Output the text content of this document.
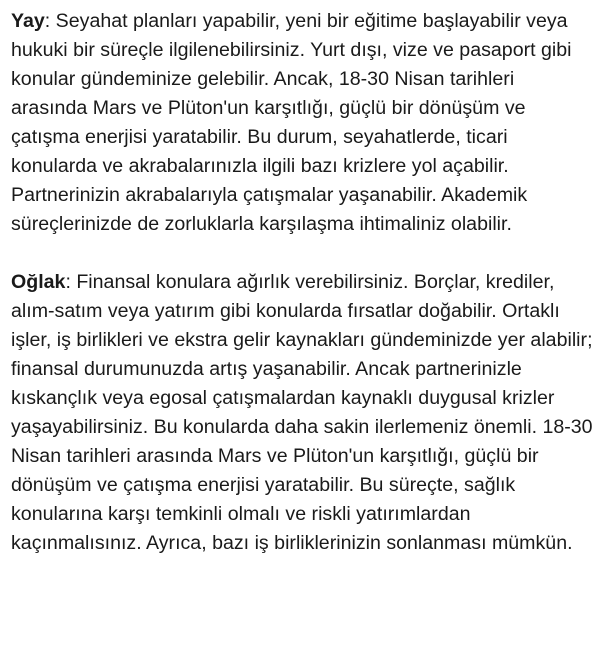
Yay: Seyahat planları yapabilir, yeni bir eğitime başlayabilir veya hukuki bir süreçle ilgilenebilirsiniz. Yurt dışı, vize ve pasaport gibi konular gündeminize gelebilir. Ancak, 18-30 Nisan tarihleri arasında Mars ve Plüton'un karşıtlığı, güçlü bir dönüşüm ve çatışma enerjisi yaratabilir. Bu durum, seyahatlerde, ticari konularda ve akrabalarınızla ilgili bazı krizlere yol açabilir. Partnerinizin akrabalarıyla çatışmalar yaşanabilir. Akademik süreçlerinizde de zorluklarla karşılaşma ihtimaliniz olabilir.

Oğlak: Finansal konulara ağırlık verebilirsiniz. Borçlar, krediler, alım-satım veya yatırım gibi konularda fırsatlar doğabilir. Ortaklı işler, iş birlikleri ve ekstra gelir kaynakları gündeminizde yer alabilir; finansal durumunuzda artış yaşanabilir. Ancak partnerinizle kıskançlık veya egosal çatışmalardan kaynaklı duygusal krizler yaşayabilirsiniz. Bu konularda daha sakin ilerlemeniz önemli. 18-30 Nisan tarihleri arasında Mars ve Plüton'un karşıtlığı, güçlü bir dönüşüm ve çatışma enerjisi yaratabilir. Bu süreçte, sağlık konularına karşı temkinli olmalı ve riskli yatırımlardan kaçınmalısınız. Ayrıca, bazı iş birliklerinizin sonlanması mümkün.
